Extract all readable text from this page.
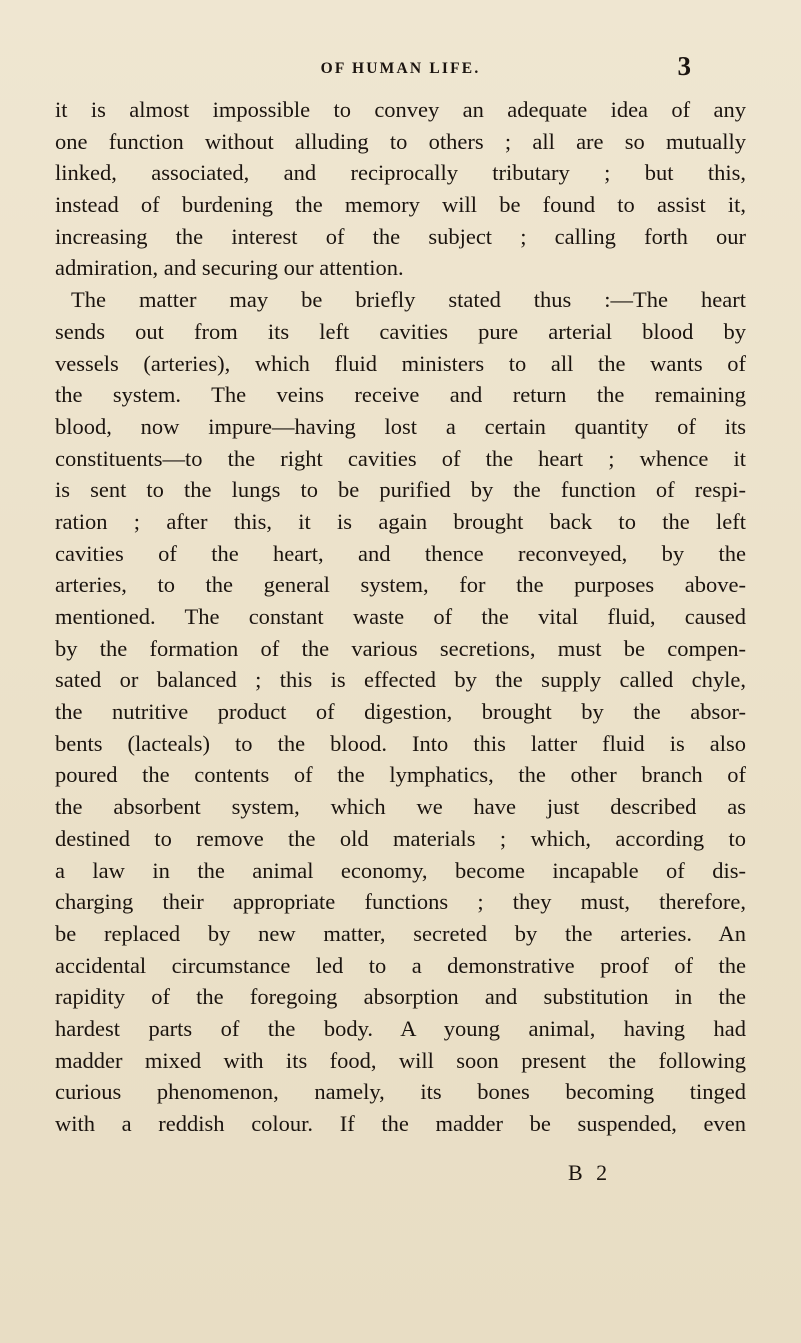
OF HUMAN LIFE.	3
it is almost impossible to convey an adequate idea of any
one function without alluding to others ; all are so mutually
linked, associated, and reciprocally tributary ; but this,
instead of burdening the memory will be found to assist it,
increasing the interest of the subject ; calling forth our
admiration, and securing our attention.
The matter may be briefly stated thus :—The heart
sends out from its left cavities pure arterial blood by
vessels (arteries), which fluid ministers to all the wants of
the system. The veins receive and return the remaining
blood, now impure—having lost a certain quantity of its
constituents—to the right cavities of the heart ; whence it
is sent to the lungs to be purified by the function of respi-
ration ; after this, it is again brought back to the left
cavities of the heart, and thence reconveyed, by the
arteries, to the general system, for the purposes above-
mentioned. The constant waste of the vital fluid, caused
by the formation of the various secretions, must be compen-
sated or balanced ; this is effected by the supply called chyle,
the nutritive product of digestion, brought by the absor-
bents (lacteals) to the blood. Into this latter fluid is also
poured the contents of the lymphatics, the other branch of
the absorbent system, which we have just described as
destined to remove the old materials ; which, according to
a law in the animal economy, become incapable of dis-
charging their appropriate functions ; they must, therefore,
be replaced by new matter, secreted by the arteries. An
accidental circumstance led to a demonstrative proof of the
rapidity of the foregoing absorption and substitution in the
hardest parts of the body. A young animal, having had
madder mixed with its food, will soon present the following
curious phenomenon, namely, its bones becoming tinged
with a reddish colour. If the madder be suspended, even
B 2
